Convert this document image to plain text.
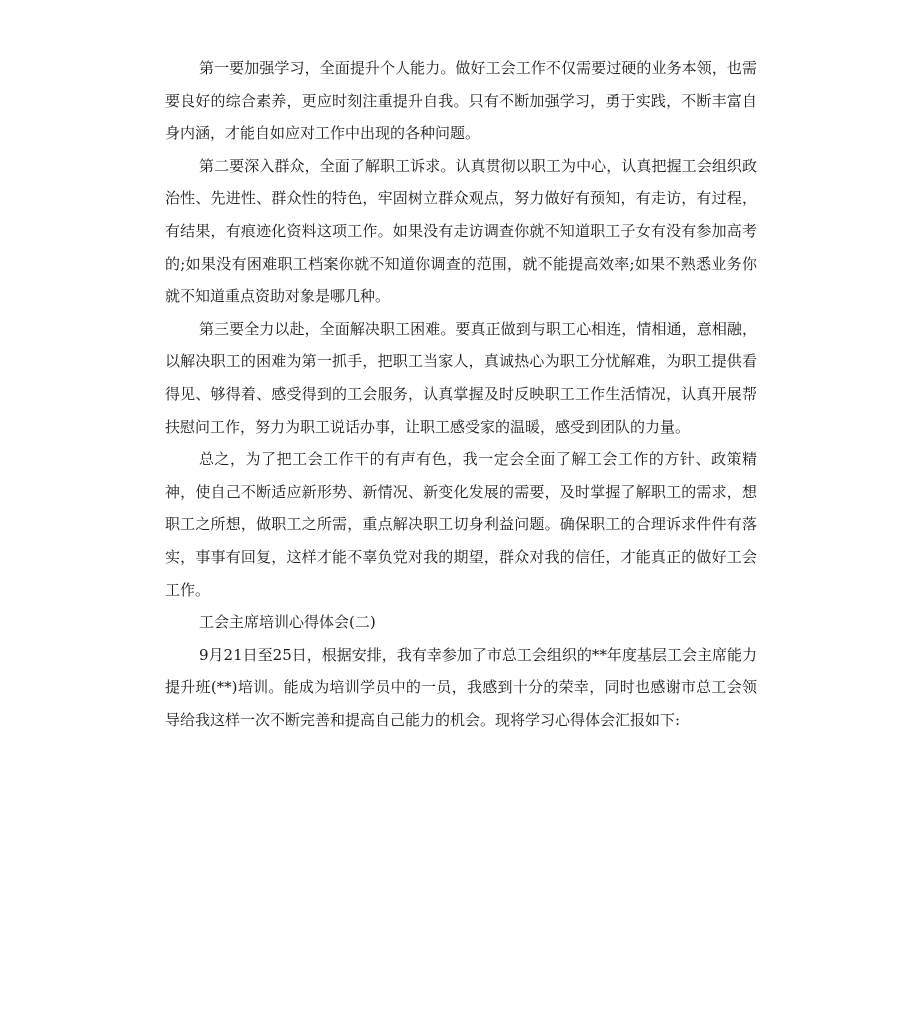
第一要加强学习，全面提升个人能力。做好工会工作不仅需要过硬的业务本领，也需要良好的综合素养，更应时刻注重提升自我。只有不断加强学习，勇于实践，不断丰富自身内涵，才能自如应对工作中出现的各种问题。

第二要深入群众，全面了解职工诉求。认真贯彻以职工为中心，认真把握工会组织政治性、先进性、群众性的特色，牢固树立群众观点，努力做好有预知，有走访，有过程，有结果，有痕迹化资料这项工作。如果没有走访调查你就不知道职工子女有没有参加高考的;如果没有困难职工档案你就不知道你调查的范围，就不能提高效率;如果不熟悉业务你就不知道重点资助对象是哪几种。

第三要全力以赴，全面解决职工困难。要真正做到与职工心相连，情相通，意相融，以解决职工的困难为第一抓手，把职工当家人，真诚热心为职工分忧解难，为职工提供看得见、够得着、感受得到的工会服务，认真掌握及时反映职工工作生活情况，认真开展帮扶慰问工作，努力为职工说话办事，让职工感受家的温暖，感受到团队的力量。

总之，为了把工会工作干的有声有色，我一定会全面了解工会工作的方针、政策精神，使自己不断适应新形势、新情况、新变化发展的需要，及时掌握了解职工的需求，想职工之所想，做职工之所需，重点解决职工切身利益问题。确保职工的合理诉求件件有落实，事事有回复，这样才能不辜负党对我的期望，群众对我的信任，才能真正的做好工会工作。

工会主席培训心得体会(二)

9月21日至25日，根据安排，我有幸参加了市总工会组织的**年度基层工会主席能力提升班(**)培训。能成为培训学员中的一员，我感到十分的荣幸，同时也感谢市总工会领导给我这样一次不断完善和提高自己能力的机会。现将学习心得体会汇报如下:
